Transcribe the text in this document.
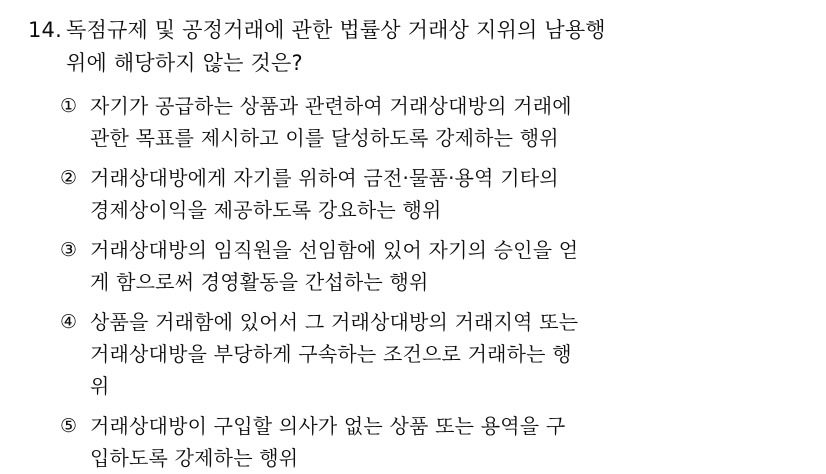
14. 독점규제 및 공정거래에 관한 법률상 거래상 지위의 남용행
위에 해당하지 않는 것은?
① 자기가 공급하는 상품과 관련하여 거래상대방의 거래에
관한 목표를 제시하고 이를 달성하도록 강제하는 행위
② 거래상대방에게 자기를 위하여 금전·물품·용역 기타의
경제상이익을 제공하도록 강요하는 행위
③ 거래상대방의 임직원을 선임함에 있어 자기의 승인을 얻
게 함으로써 경영활동을 간섭하는 행위
④ 상품을 거래함에 있어서 그 거래상대방의 거래지역 또는
거래상대방을 부당하게 구속하는 조건으로 거래하는 행
위
⑤ 거래상대방이 구입할 의사가 없는 상품 또는 용역을 구
입하도록 강제하는 행위
